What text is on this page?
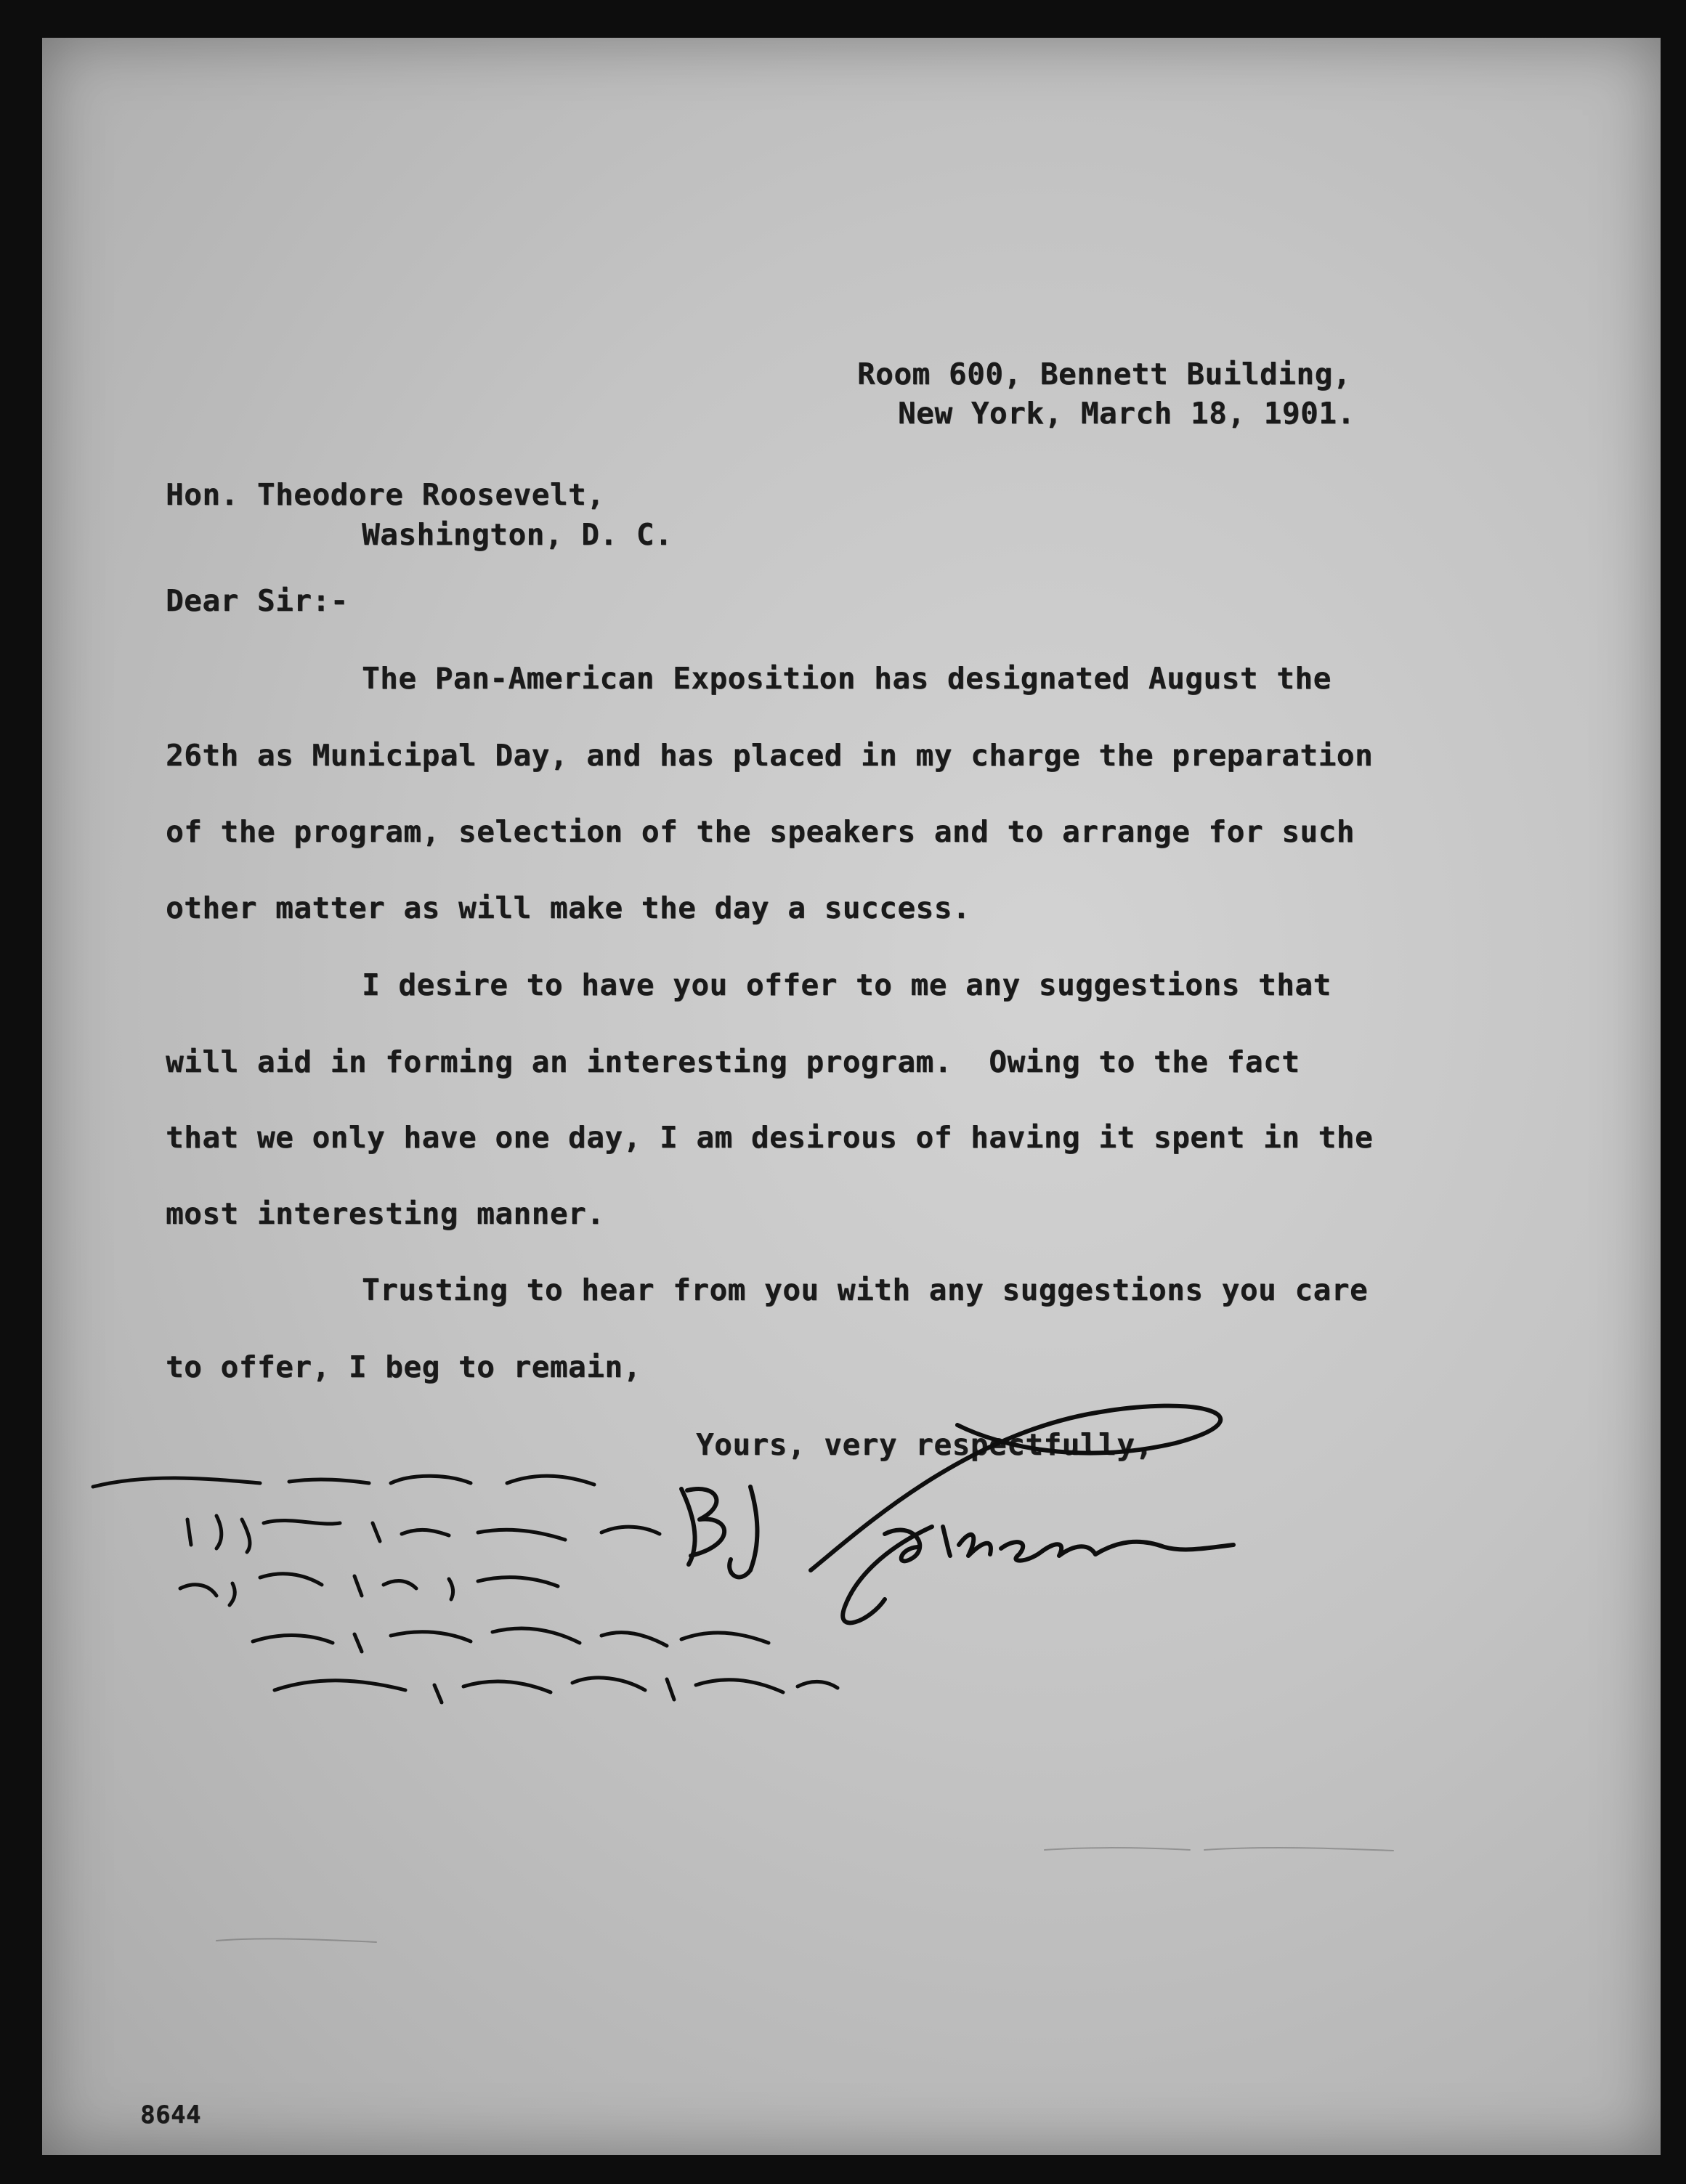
Room 600, Bennett Building,
New York, March 18, 1901.
Hon. Theodore Roosevelt,
Washington, D. C.
Dear Sir:-
The Pan-American Exposition has designated August the
26th as Municipal Day, and has placed in my charge the preparation
of the program, selection of the speakers and to arrange for such
other matter as will make the day a success.
I desire to have you offer to me any suggestions that
will aid in forming an interesting program.  Owing to the fact
that we only have one day, I am desirous of having it spent in the
most interesting manner.
Trusting to hear from you with any suggestions you care
to offer, I beg to remain,
Yours, very respectfully,
8644
